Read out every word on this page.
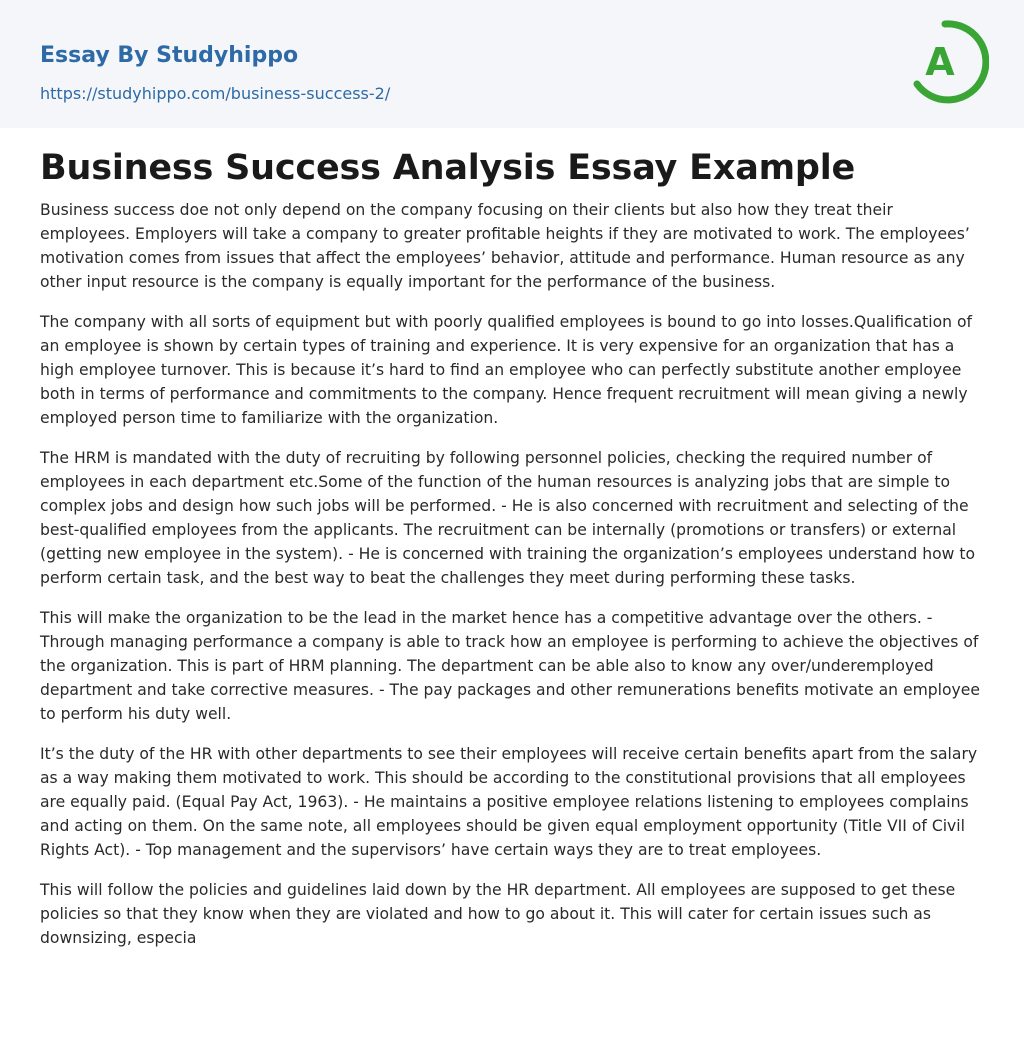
Essay By Studyhippo
https://studyhippo.com/business-success-2/
A
Business Success Analysis Essay Example

Business success doe not only depend on the company focusing on their clients but also how they treat their employees. Employers will take a company to greater profitable heights if they are motivated to work. The employees’ motivation comes from issues that affect the employees’ behavior, attitude and performance. Human resource as any other input resource is the company is equally important for the performance of the business.

The company with all sorts of equipment but with poorly qualified employees is bound to go into losses.Qualification of an employee is shown by certain types of training and experience. It is very expensive for an organization that has a high employee turnover. This is because it’s hard to find an employee who can perfectly substitute another employee both in terms of performance and commitments to the company. Hence frequent recruitment will mean giving a newly employed person time to familiarize with the organization.

The HRM is mandated with the duty of recruiting by following personnel policies, checking the required number of employees in each department etc.Some of the function of the human resources is analyzing jobs that are simple to complex jobs and design how such jobs will be performed. - He is also concerned with recruitment and selecting of the best-qualified employees from the applicants. The recruitment can be internally (promotions or transfers) or external (getting new employee in the system). - He is concerned with training the organization’s employees understand how to perform certain task, and the best way to beat the challenges they meet during performing these tasks.

This will make the organization to be the lead in the market hence has a competitive advantage over the others. - Through managing performance a company is able to track how an employee is performing to achieve the objectives of the organization. This is part of HRM planning. The department can be able also to know any over/underemployed department and take corrective measures. - The pay packages and other remunerations benefits motivate an employee to perform his duty well.

It’s the duty of the HR with other departments to see their employees will receive certain benefits apart from the salary as a way making them motivated to work. This should be according to the constitutional provisions that all employees are equally paid. (Equal Pay Act, 1963). - He maintains a positive employee relations listening to employees complains and acting on them. On the same note, all employees should be given equal employment opportunity (Title VII of Civil Rights Act). - Top management and the supervisors’ have certain ways they are to treat employees.

This will follow the policies and guidelines laid down by the HR department. All employees are supposed to get these policies so that they know when they are violated and how to go about it. This will cater for certain issues such as downsizing, especia
